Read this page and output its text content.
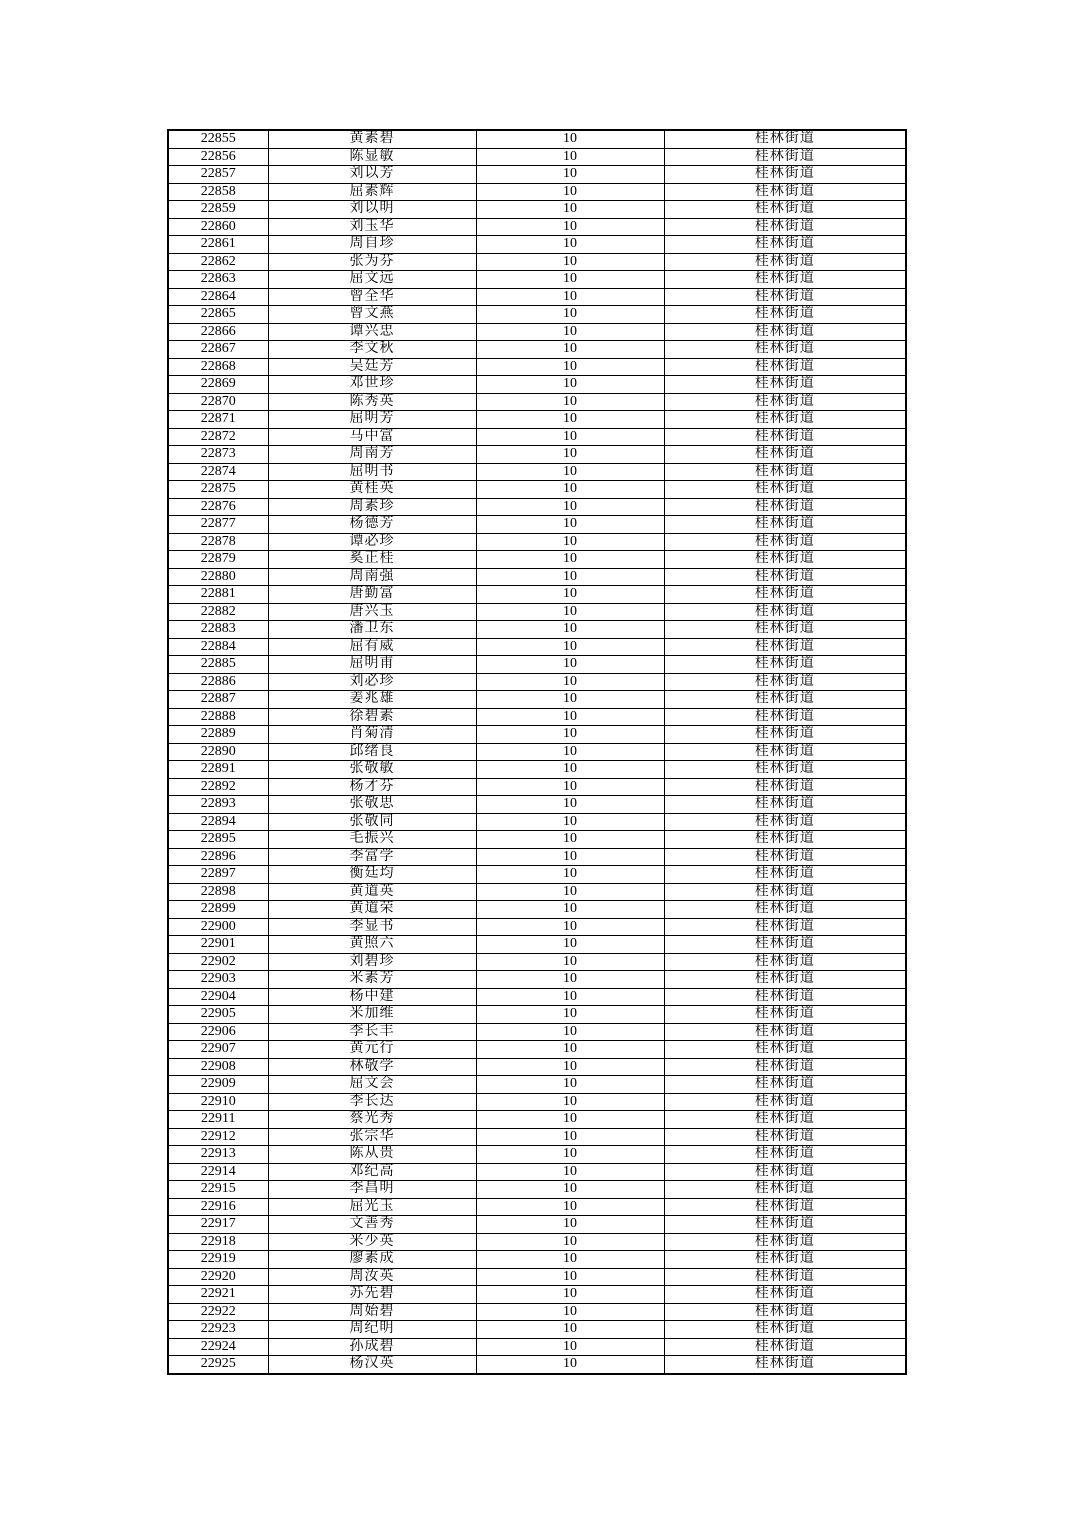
22855	黄素碧	10	桂林街道
22856	陈显敏	10	桂林街道
22857	刘以芳	10	桂林街道
22858	屈素辉	10	桂林街道
22859	刘以明	10	桂林街道
22860	刘玉华	10	桂林街道
22861	周自珍	10	桂林街道
22862	张为芬	10	桂林街道
22863	屈文远	10	桂林街道
22864	曾全华	10	桂林街道
22865	曾文燕	10	桂林街道
22866	谭兴忠	10	桂林街道
22867	李文秋	10	桂林街道
22868	吴廷芳	10	桂林街道
22869	邓世珍	10	桂林街道
22870	陈秀英	10	桂林街道
22871	屈明芳	10	桂林街道
22872	马中富	10	桂林街道
22873	周南芳	10	桂林街道
22874	屈明书	10	桂林街道
22875	黄桂英	10	桂林街道
22876	周素珍	10	桂林街道
22877	杨德芳	10	桂林街道
22878	谭必珍	10	桂林街道
22879	奚正桂	10	桂林街道
22880	周南强	10	桂林街道
22881	唐勤富	10	桂林街道
22882	唐兴玉	10	桂林街道
22883	潘卫东	10	桂林街道
22884	屈有威	10	桂林街道
22885	屈明甫	10	桂林街道
22886	刘必珍	10	桂林街道
22887	姜兆雄	10	桂林街道
22888	徐碧素	10	桂林街道
22889	肖菊清	10	桂林街道
22890	邱绪良	10	桂林街道
22891	张敬敏	10	桂林街道
22892	杨才芬	10	桂林街道
22893	张敬思	10	桂林街道
22894	张敬同	10	桂林街道
22895	毛振兴	10	桂林街道
22896	李富学	10	桂林街道
22897	衡廷均	10	桂林街道
22898	黄道英	10	桂林街道
22899	黄道荣	10	桂林街道
22900	李显书	10	桂林街道
22901	黄照六	10	桂林街道
22902	刘碧珍	10	桂林街道
22903	米素芳	10	桂林街道
22904	杨中建	10	桂林街道
22905	米加维	10	桂林街道
22906	李长丰	10	桂林街道
22907	黄元行	10	桂林街道
22908	林敬学	10	桂林街道
22909	屈文会	10	桂林街道
22910	李长达	10	桂林街道
22911	蔡光秀	10	桂林街道
22912	张宗华	10	桂林街道
22913	陈从贵	10	桂林街道
22914	邓纪高	10	桂林街道
22915	李昌明	10	桂林街道
22916	屈光玉	10	桂林街道
22917	文善秀	10	桂林街道
22918	米少英	10	桂林街道
22919	廖素成	10	桂林街道
22920	周汝英	10	桂林街道
22921	苏先碧	10	桂林街道
22922	周始碧	10	桂林街道
22923	周纪明	10	桂林街道
22924	孙成碧	10	桂林街道
22925	杨汉英	10	桂林街道
